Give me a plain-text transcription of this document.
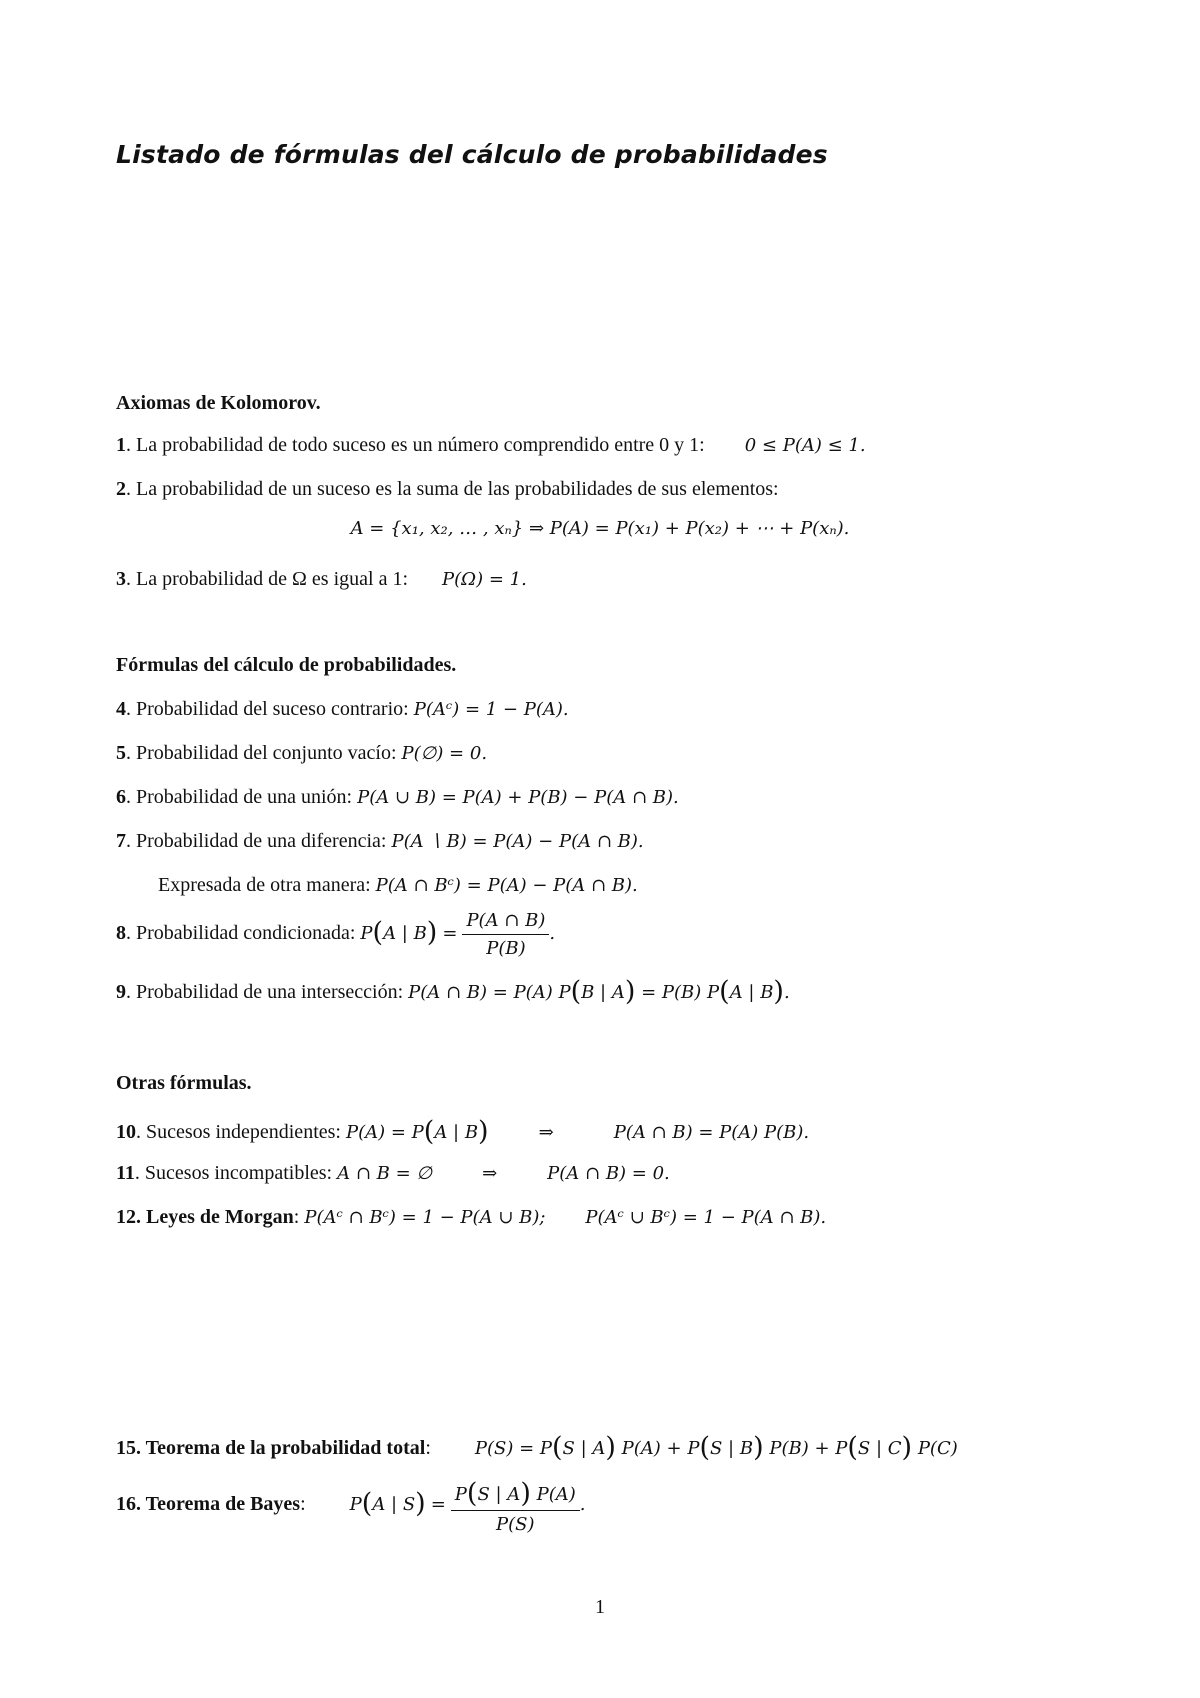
Listado de fórmulas del cálculo de probabilidades
Axiomas de Kolomorov.
1. La probabilidad de todo suceso es un número comprendido entre 0 y 1: 0 ≤ P(A) ≤ 1.
2. La probabilidad de un suceso es la suma de las probabilidades de sus elementos:
A = {x₁, x₂, … , xₙ} ⇒ P(A) = P(x₁) + P(x₂) + ⋯ + P(xₙ).
3. La probabilidad de Ω es igual a 1: P(Ω) = 1.
Fórmulas del cálculo de probabilidades.
4. Probabilidad del suceso contrario: P(Aᶜ) = 1 − P(A).
5. Probabilidad del conjunto vacío: P(∅) = 0.
6. Probabilidad de una unión: P(A ∪ B) = P(A) + P(B) − P(A ∩ B).
7. Probabilidad de una diferencia: P(A ∖ B) = P(A) − P(A ∩ B).
Expresada de otra manera: P(A ∩ Bᶜ) = P(A) − P(A ∩ B).
8. Probabilidad condicionada: P(A | $B) = \frac{P(A \cap B)}{P(B)}$ .
9. Probabilidad de una intersección: P(A ∩ B) = P(A) P(B | A) = P(B) P(A | B).
Otras fórmulas.
10. Sucesos independientes: P(A) = P(A | B)	⇒	P(A ∩ B) = P(A) P(B).
11. Sucesos incompatibles: A ∩ B = ∅	⇒	P(A ∩ B) = 0.
12. Leyes de Morgan: P(Aᶜ ∩ Bᶜ) = 1 − P(A ∪ B); P(Aᶜ ∪ Bᶜ) = 1 − P(A ∩ B).
15. Teorema de la probabilidad total: P(S) = P(S | A) P(A) + P(S | B) P(B) + P(S | C) P(C)
16. Teorema de Bayes: P(A | $S) = \frac{P(S | A) P(A)}{P(S)}$ .
1
